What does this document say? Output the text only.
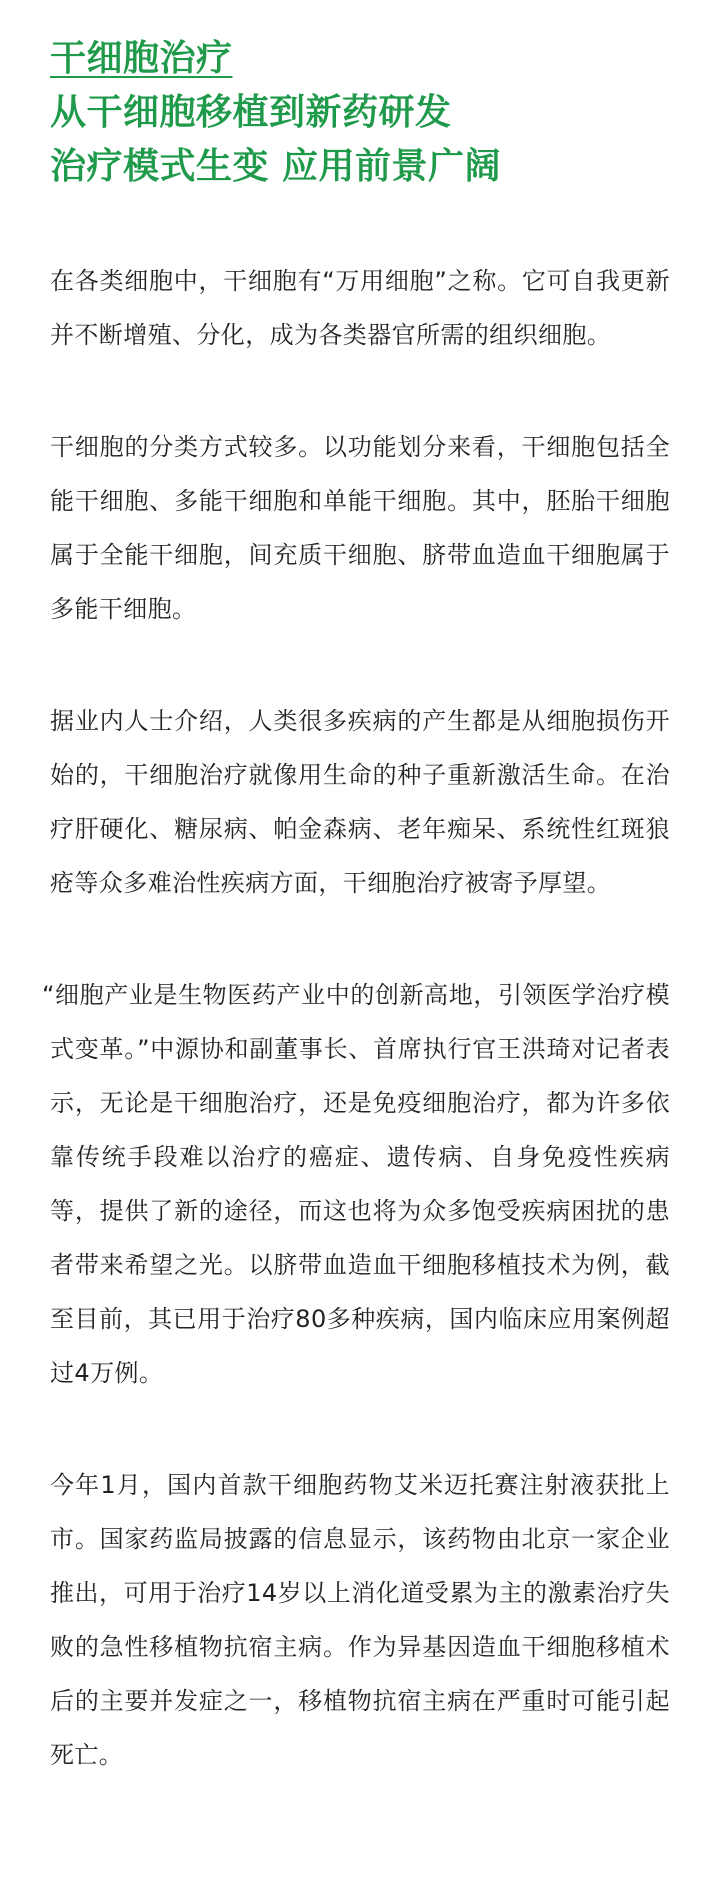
干细胞治疗
从干细胞移植到新药研发
治疗模式生变 应用前景广阔

在各类细胞中，干细胞有“万用细胞”之称。它可自我更新并不断增殖、分化，成为各类器官所需的组织细胞。

干细胞的分类方式较多。以功能划分来看，干细胞包括全能干细胞、多能干细胞和单能干细胞。其中，胚胎干细胞属于全能干细胞，间充质干细胞、脐带血造血干细胞属于多能干细胞。

据业内人士介绍，人类很多疾病的产生都是从细胞损伤开始的，干细胞治疗就像用生命的种子重新激活生命。在治疗肝硬化、糖尿病、帕金森病、老年痴呆、系统性红斑狼疮等众多难治性疾病方面，干细胞治疗被寄予厚望。

“细胞产业是生物医药产业中的创新高地，引领医学治疗模式变革。”中源协和副董事长、首席执行官王洪琦对记者表示，无论是干细胞治疗，还是免疫细胞治疗，都为许多依靠传统手段难以治疗的癌症、遗传病、自身免疫性疾病等，提供了新的途径，而这也将为众多饱受疾病困扰的患者带来希望之光。以脐带血造血干细胞移植技术为例，截至目前，其已用于治疗80多种疾病，国内临床应用案例超过4万例。

今年1月，国内首款干细胞药物艾米迈托赛注射液获批上市。国家药监局披露的信息显示，该药物由北京一家企业推出，可用于治疗14岁以上消化道受累为主的激素治疗失败的急性移植物抗宿主病。作为异基因造血干细胞移植术后的主要并发症之一，移植物抗宿主病在严重时可能引起死亡。
